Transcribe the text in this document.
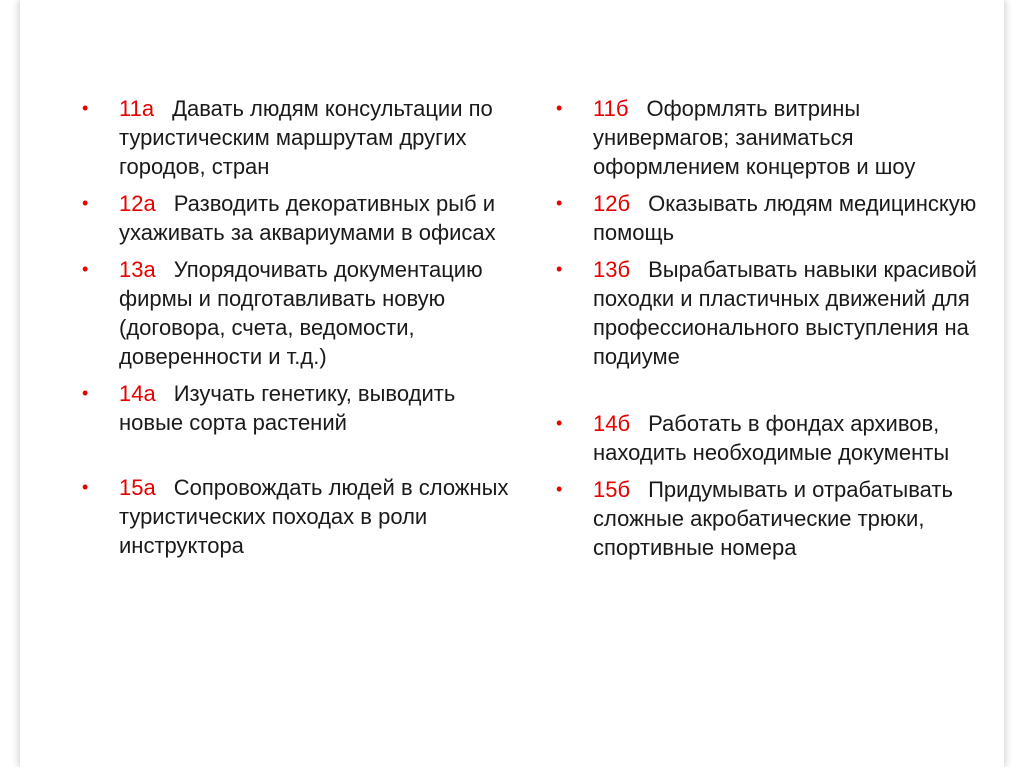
• 11а Давать людям консультации по туристическим маршрутам других городов, стран
• 12а Разводить декоративных рыб и ухаживать за аквариумами в офисах
• 13а Упорядочивать документацию фирмы и подготавливать новую (договора, счета, ведомости, доверенности и т.д.)
• 14а Изучать генетику, выводить новые сорта растений
• 15а Сопровождать людей в сложных туристических походах в роли инструктора
• 11б Оформлять витрины универмагов; заниматься оформлением концертов и шоу
• 12б Оказывать людям медицинскую помощь
• 13б Вырабатывать навыки красивой походки и пластичных движений для профессионального выступления на подиуме
• 14б Работать в фондах архивов, находить необходимые документы
• 15б Придумывать и отрабатывать сложные акробатические трюки, спортивные номера
